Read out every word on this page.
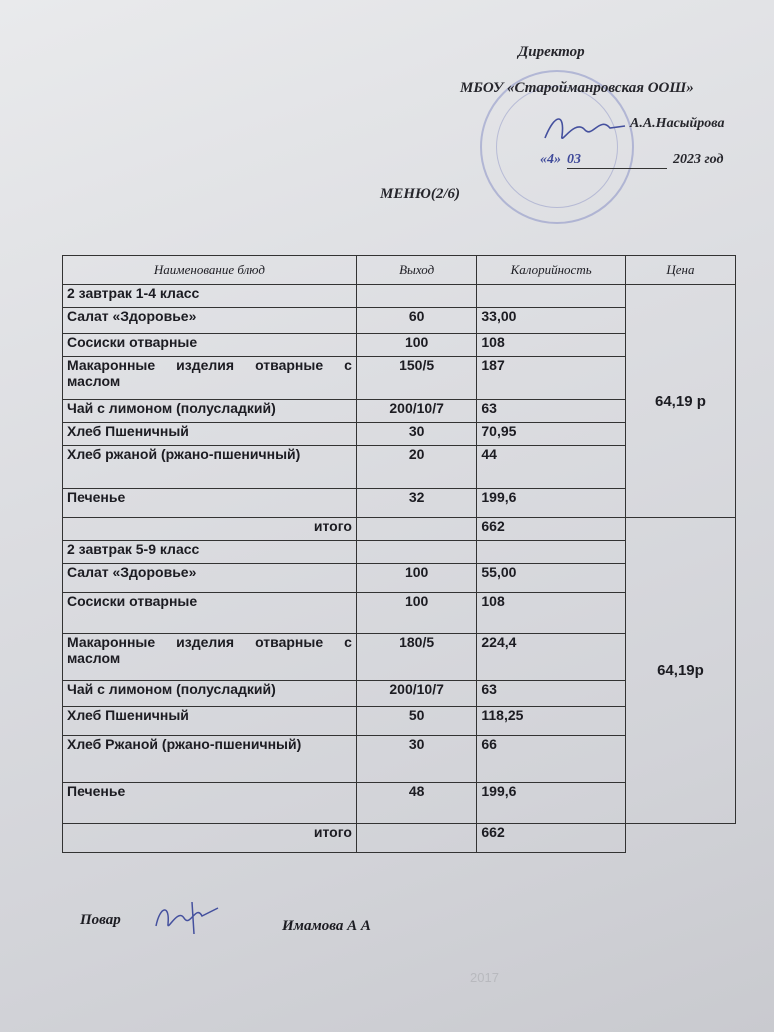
Директор
МБОУ «Старойманровская ООШ»
А.А.Насыйрова
«4» 03	2023 год
МЕНЮ(2/6)
Наименование блюд	Выход	Калорийность	Цена
2 завтрак 1-4 класс			64,19 р
Салат «Здоровье»	60	33,00	
Сосиски отварные	100	108	
Макаронные изделия отварные с маслом	150/5	187	
Чай с лимоном (полусладкий)	200/10/7	63	
Хлеб Пшеничный	30	70,95	
Хлеб ржаной (ржано-пшеничный)	20	44	
Печенье	32	199,6	
итого		662	64,19р
2 завтрак 5-9 класс			
Салат «Здоровье»	100	55,00	
Сосиски отварные	100	108	
Макаронные изделия отварные с маслом	180/5	224,4	
Чай с лимоном (полусладкий)	200/10/7	63	
Хлеб Пшеничный	50	118,25	
Хлеб Ржаной (ржано-пшеничный)	30	66	
Печенье	48	199,6	
итого		662	
Повар	Имамова А А
2017
